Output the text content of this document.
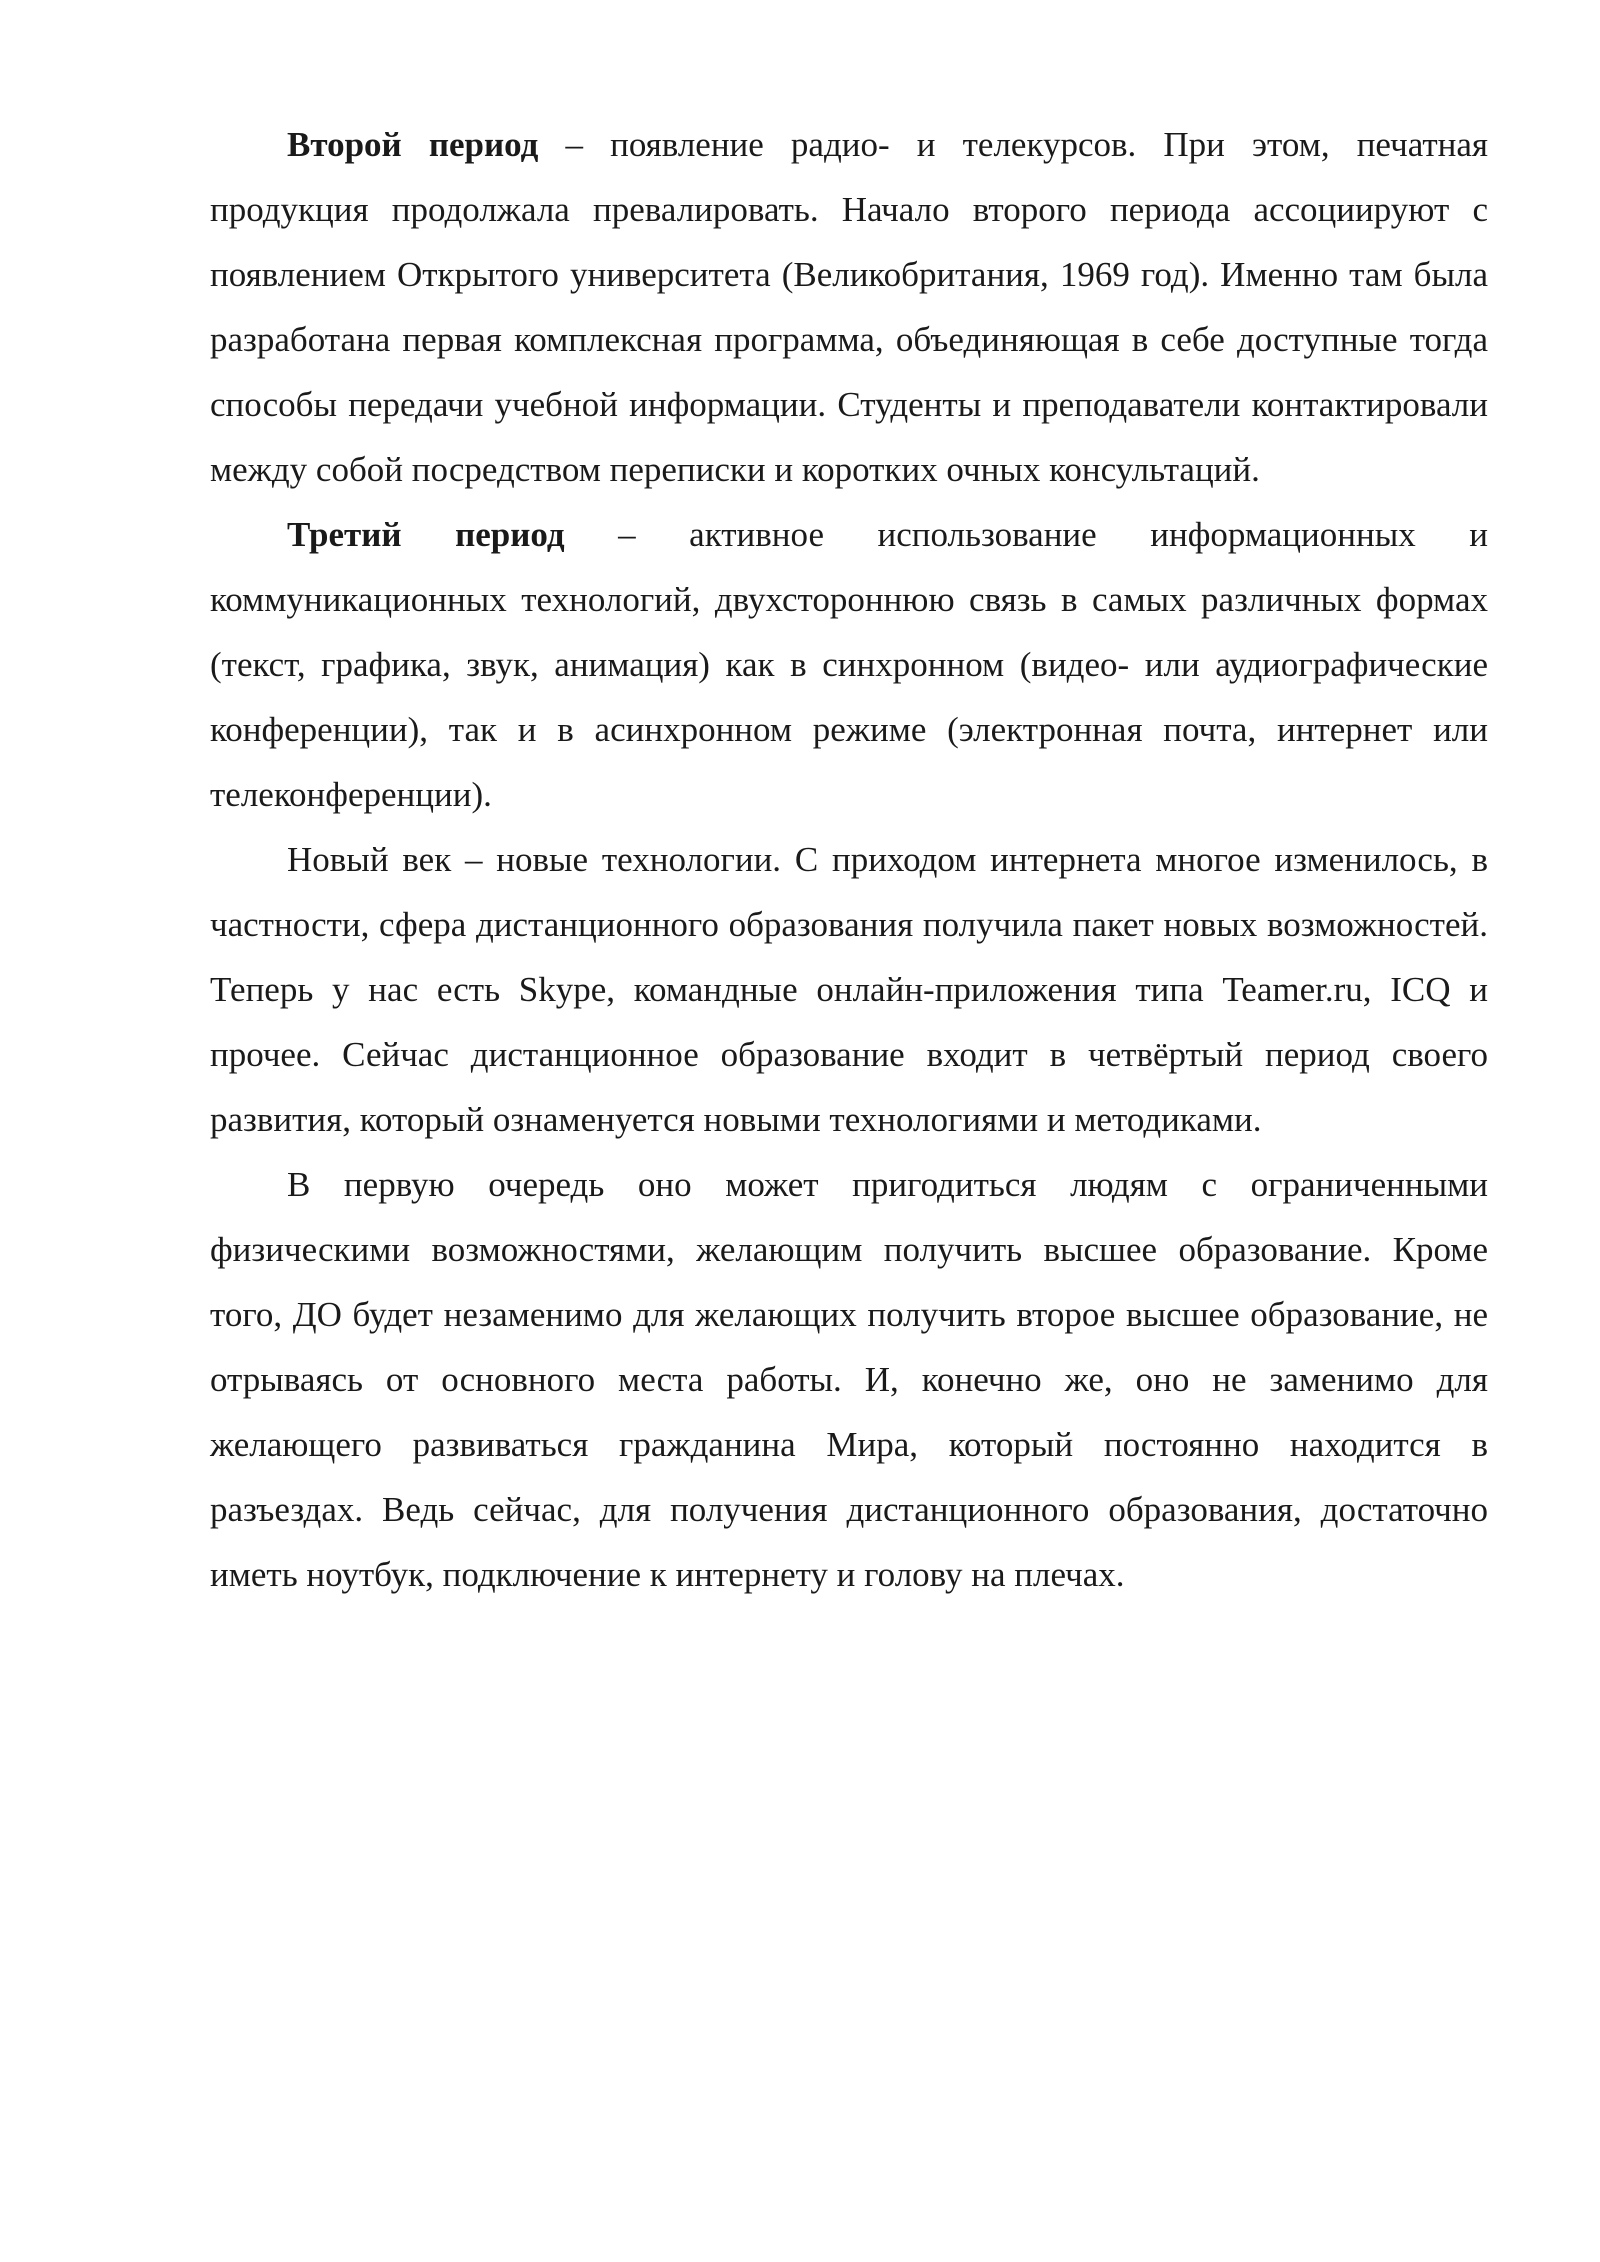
Второй период – появление радио- и телекурсов. При этом, печатная продукция продолжала превалировать. Начало второго периода ассоциируют с появлением Открытого университета (Великобритания, 1969 год). Именно там была разработана первая комплексная программа, объединяющая в себе доступные тогда способы передачи учебной информации. Студенты и преподаватели контактировали между собой посредством переписки и коротких очных консультаций.

Третий период – активное использование информационных и коммуникационных технологий, двухстороннюю связь в самых различных формах (текст, графика, звук, анимация) как в синхронном (видео- или аудиографические конференции), так и в асинхронном режиме (электронная почта, интернет или телеконференции).

Новый век – новые технологии. С приходом интернета многое изменилось, в частности, сфера дистанционного образования получила пакет новых возможностей. Теперь у нас есть Skype, командные онлайн-приложения типа Teamer.ru, ICQ и прочее. Сейчас дистанционное образование входит в четвёртый период своего развития, который ознаменуется новыми технологиями и методиками.

В первую очередь оно может пригодиться людям с ограниченными физическими возможностями, желающим получить высшее образование. Кроме того, ДО будет незаменимо для желающих получить второе высшее образование, не отрываясь от основного места работы. И, конечно же, оно не заменимо для желающего развиваться гражданина Мира, который постоянно находится в разъездах. Ведь сейчас, для получения дистанционного образования, достаточно иметь ноутбук, подключение к интернету и голову на плечах.
